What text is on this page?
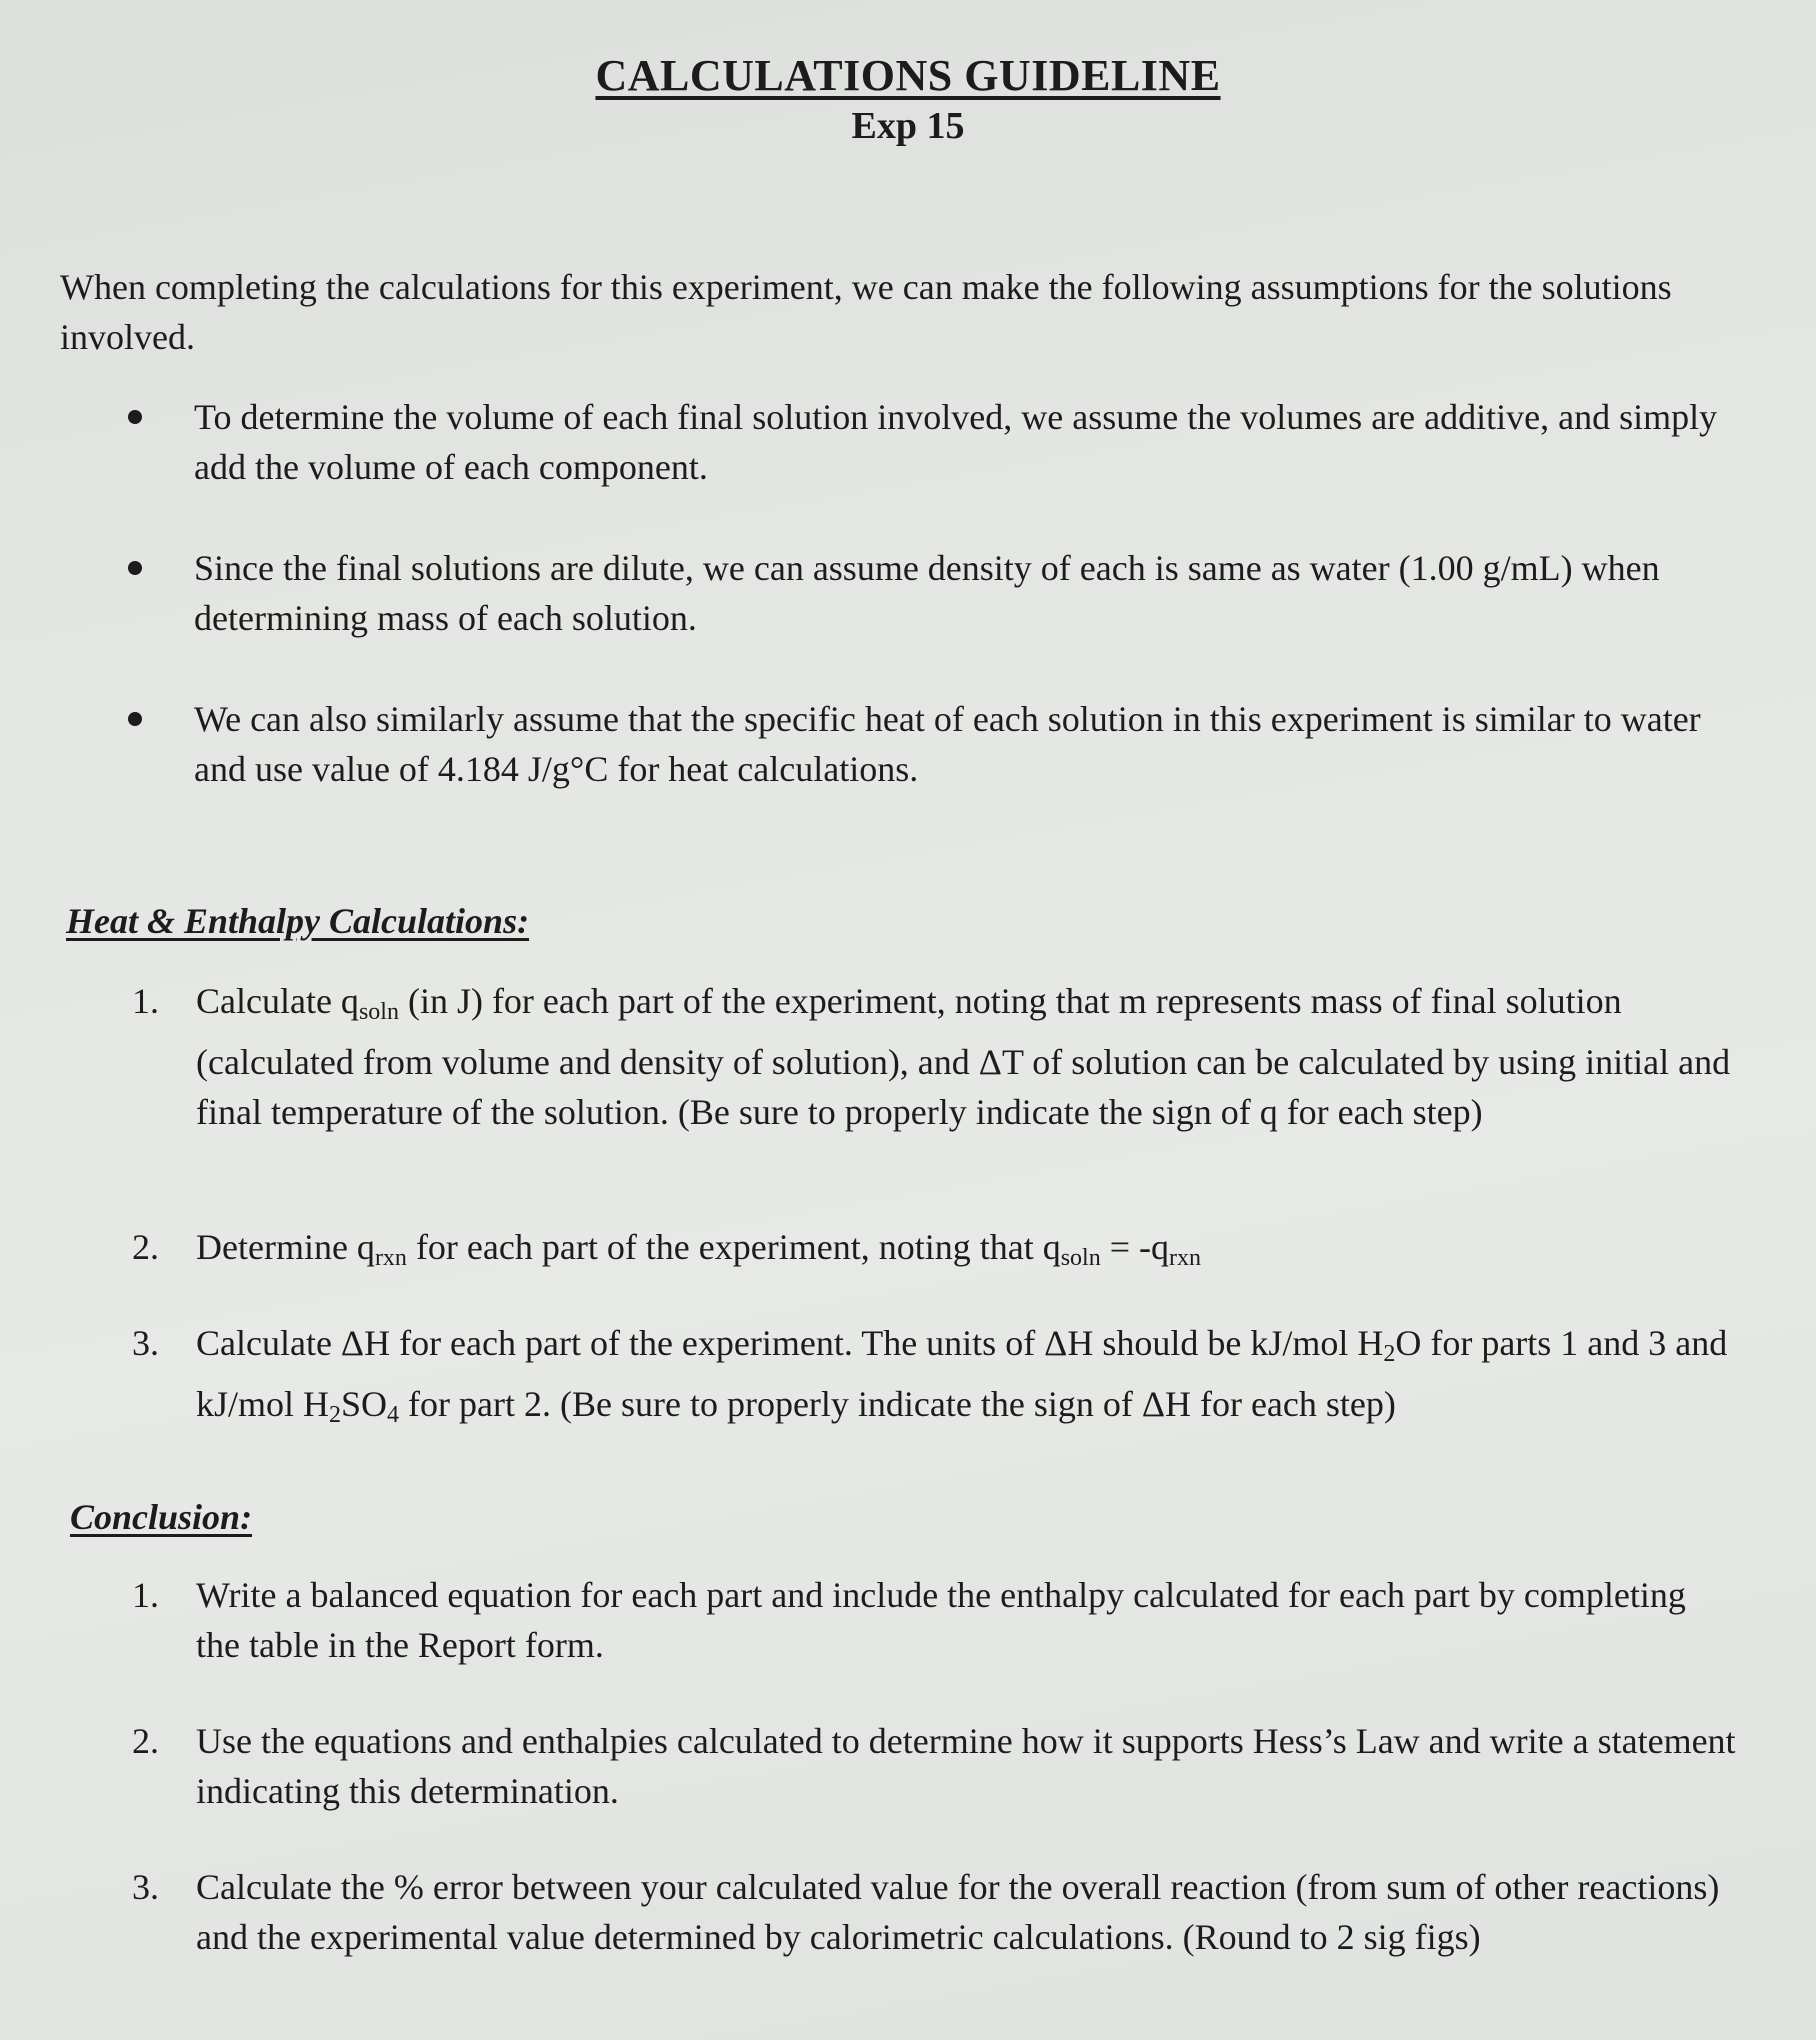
CALCULATIONS GUIDELINE
Exp 15
When completing the calculations for this experiment, we can make the following assumptions for the solutions involved.
To determine the volume of each final solution involved, we assume the volumes are additive, and simply add the volume of each component.
Since the final solutions are dilute, we can assume density of each is same as water (1.00 g/mL) when determining mass of each solution.
We can also similarly assume that the specific heat of each solution in this experiment is similar to water and use value of 4.184 J/g°C for heat calculations.
Heat & Enthalpy Calculations:
1. Calculate $q_{soln}$ (in J) for each part of the experiment, noting that m represents mass of final solution (calculated from volume and density of solution), and ΔT of solution can be calculated by using initial and final temperature of the solution. (Be sure to properly indicate the sign of q for each step)
2. Determine $q_{rxn}$ for each part of the experiment, noting that $q_{soln} = -q_{rxn}$
3. Calculate ΔH for each part of the experiment. The units of ΔH should be kJ/mol H2O for parts 1 and 3 and kJ/mol H2SO4 for part 2. (Be sure to properly indicate the sign of ΔH for each step)
Conclusion:
1. Write a balanced equation for each part and include the enthalpy calculated for each part by completing the table in the Report form.
2. Use the equations and enthalpies calculated to determine how it supports Hess’s Law and write a statement indicating this determination.
3. Calculate the % error between your calculated value for the overall reaction (from sum of other reactions) and the experimental value determined by calorimetric calculations. (Round to 2 sig figs)
